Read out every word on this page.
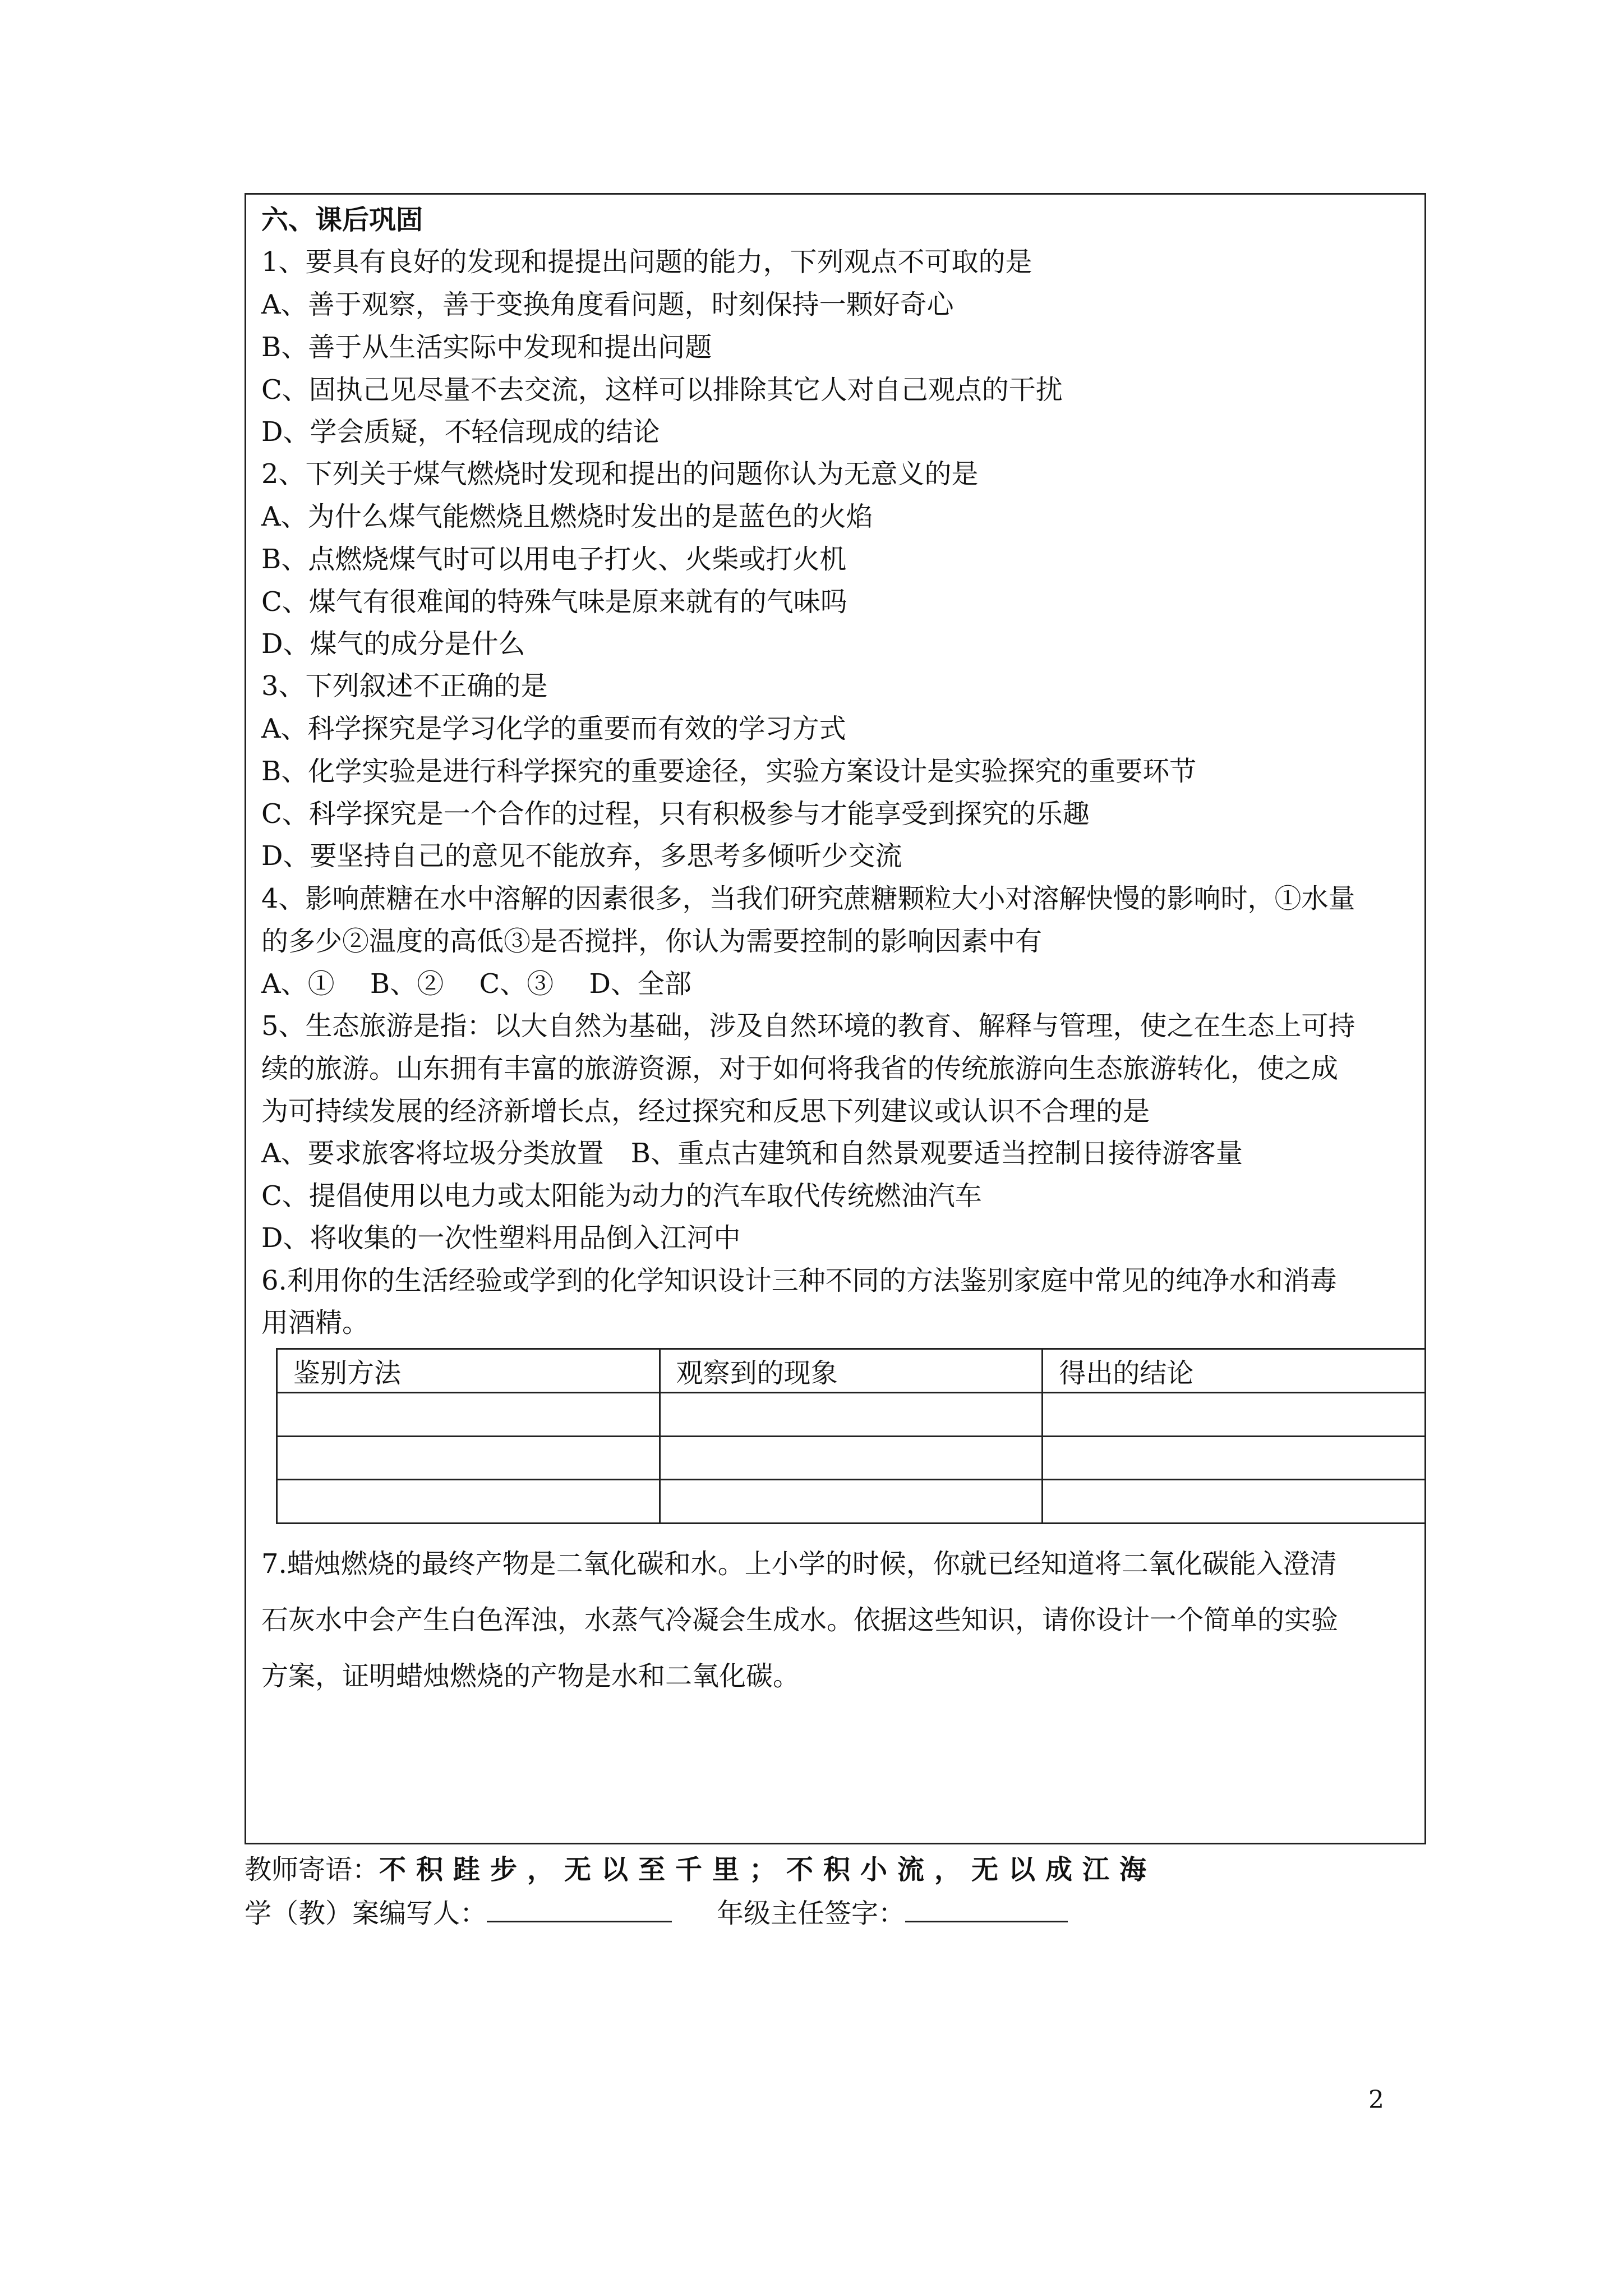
六、课后巩固
1、要具有良好的发现和提提出问题的能力，下列观点不可取的是
A、善于观察，善于变换角度看问题，时刻保持一颗好奇心
B、善于从生活实际中发现和提出问题
C、固执己见尽量不去交流，这样可以排除其它人对自己观点的干扰
D、学会质疑，不轻信现成的结论
2、下列关于煤气燃烧时发现和提出的问题你认为无意义的是
A、为什么煤气能燃烧且燃烧时发出的是蓝色的火焰
B、点燃烧煤气时可以用电子打火、火柴或打火机
C、煤气有很难闻的特殊气味是原来就有的气味吗
D、煤气的成分是什么
3、下列叙述不正确的是
A、科学探究是学习化学的重要而有效的学习方式
B、化学实验是进行科学探究的重要途径，实验方案设计是实验探究的重要环节
C、科学探究是一个合作的过程，只有积极参与才能享受到探究的乐趣
D、要坚持自己的意见不能放弃，多思考多倾听少交流
4、影响蔗糖在水中溶解的因素很多，当我们研究蔗糖颗粒大小对溶解快慢的影响时，①水量
的多少②温度的高低③是否搅拌，你认为需要控制的影响因素中有
A、①　 B、②　 C、③　 D、全部
5、生态旅游是指：以大自然为基础，涉及自然环境的教育、解释与管理，使之在生态上可持
续的旅游。山东拥有丰富的旅游资源，对于如何将我省的传统旅游向生态旅游转化，使之成
为可持续发展的经济新增长点，经过探究和反思下列建议或认识不合理的是
A、要求旅客将垃圾分类放置　B、重点古建筑和自然景观要适当控制日接待游客量
C、提倡使用以电力或太阳能为动力的汽车取代传统燃油汽车
D、将收集的一次性塑料用品倒入江河中
6.利用你的生活经验或学到的化学知识设计三种不同的方法鉴别家庭中常见的纯净水和消毒
用酒精。
鉴别方法	观察到的现象	得出的结论

7.蜡烛燃烧的最终产物是二氧化碳和水。上小学的时候，你就已经知道将二氧化碳能入澄清
石灰水中会产生白色浑浊，水蒸气冷凝会生成水。依据这些知识，请你设计一个简单的实验
方案，证明蜡烛燃烧的产物是水和二氧化碳。
教师寄语：不积跬步，无以至千里；不积小流，无以成江海
学（教）案编写人：	年级主任签字：
2
